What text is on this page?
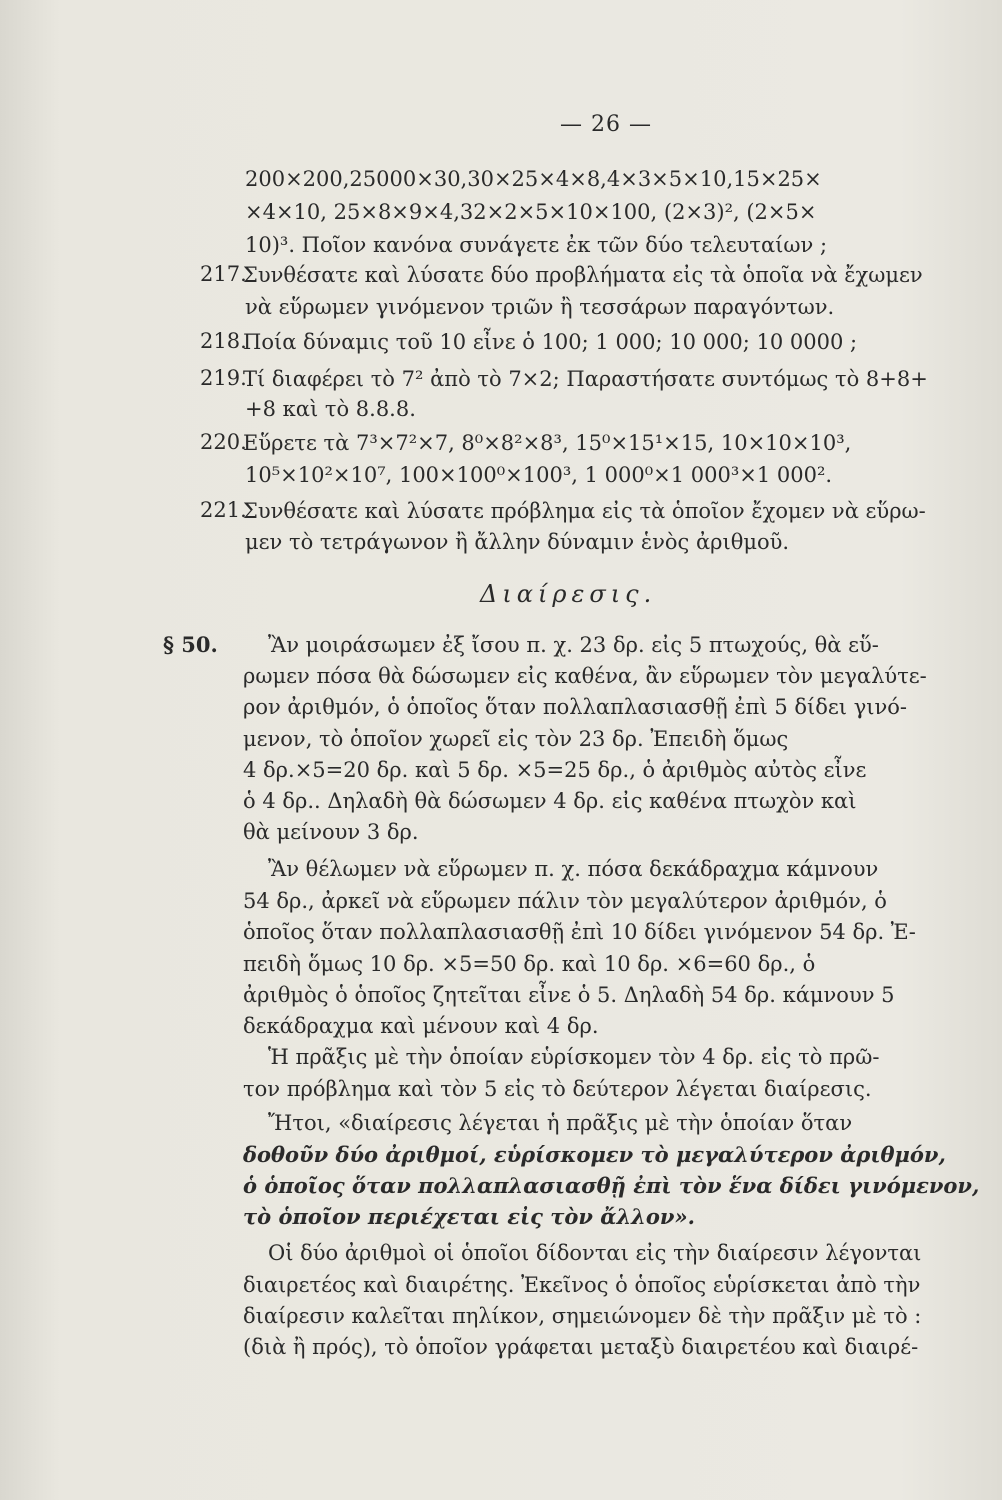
— 26 —
200×200,25000×30,30×25×4×8,4×3×5×10,15×25×
×4×10, 25×8×9×4,32×2×5×10×100, (2×3)², (2×5×
10)³. Ποῖον κανόνα συνάγετε ἐκ τῶν δύο τελευταίων ;
217.
Συνθέσατε καὶ λύσατε δύο προβλήματα εἰς τὰ ὁποῖα νὰ ἔχωμεν
νὰ εὕρωμεν γινόμενον τριῶν ἢ τεσσάρων παραγόντων.
218.
Ποία δύναμις τοῦ 10 εἶνε ὁ 100; 1 000; 10 000; 10 0000 ;
219.
Τί διαφέρει τὸ 7² ἀπὸ τὸ 7×2; Παραστήσατε συντόμως τὸ 8+8+
+8 καὶ τὸ 8.8.8.
220.
Εὕρετε τὰ 7³×7²×7, 8⁰×8²×8³, 15⁰×15¹×15, 10×10×10³,
10⁵×10²×10⁷, 100×100⁰×100³, 1 000⁰×1 000³×1 000².
221.
Συνθέσατε καὶ λύσατε πρόβλημα εἰς τὰ ὁποῖον ἔχομεν νὰ εὕρω-
μεν τὸ τετράγωνον ἢ ἄλλην δύναμιν ἑνὸς ἀριθμοῦ.
Διαίρεσις.
§ 50. Ἂν μοιράσωμεν ἐξ ἴσου π. χ. 23 δρ. εἰς 5 πτωχούς, θὰ εὕ-
ρωμεν πόσα θὰ δώσωμεν εἰς καθένα, ἂν εὕρωμεν τὸν μεγαλύτε-
ρον ἀριθμόν, ὁ ὁποῖος ὅταν πολλαπλασιασθῇ ἐπὶ 5 δίδει γινό-
μενον, τὸ ὁποῖον χωρεῖ εἰς τὸν 23 δρ. Ἐπειδὴ ὅμως
4 δρ.×5=20 δρ. καὶ 5 δρ. ×5=25 δρ., ὁ ἀριθμὸς αὐτὸς εἶνε
ὁ 4 δρ.. Δηλαδὴ θὰ δώσωμεν 4 δρ. εἰς καθένα πτωχὸν καὶ
θὰ μείνουν 3 δρ.
Ἂν θέλωμεν νὰ εὕρωμεν π. χ. πόσα δεκάδραχμα κάμνουν
54 δρ., ἀρκεῖ νὰ εὕρωμεν πάλιν τὸν μεγαλύτερον ἀριθμόν, ὁ
ὁποῖος ὅταν πολλαπλασιασθῇ ἐπὶ 10 δίδει γινόμενον 54 δρ. Ἐ-
πειδὴ ὅμως 10 δρ. ×5=50 δρ. καὶ 10 δρ. ×6=60 δρ., ὁ
ἀριθμὸς ὁ ὁποῖος ζητεῖται εἶνε ὁ 5. Δηλαδὴ 54 δρ. κάμνουν 5
δεκάδραχμα καὶ μένουν καὶ 4 δρ.
Ἡ πρᾶξις μὲ τὴν ὁποίαν εὑρίσκομεν τὸν 4 δρ. εἰς τὸ πρῶ-
τον πρόβλημα καὶ τὸν 5 εἰς τὸ δεύτερον λέγεται διαίρεσις.
Ἤτοι, «διαίρεσις λέγεται ἡ πρᾶξις μὲ τὴν ὁποίαν ὅταν
δοθοῦν δύο ἀριθμοί, εὑρίσκομεν τὸ μεγαλύτερον ἀριθμόν,
ὁ ὁποῖος ὅταν πολλαπλασιασθῇ ἐπὶ τὸν ἕνα δίδει γινόμενον,
τὸ ὁποῖον περιέχεται εἰς τὸν ἄλλον».
Οἱ δύο ἀριθμοὶ οἱ ὁποῖοι δίδονται εἰς τὴν διαίρεσιν λέγονται
διαιρετέος καὶ διαιρέτης. Ἐκεῖνος ὁ ὁποῖος εὑρίσκεται ἀπὸ τὴν
διαίρεσιν καλεῖται πηλίκον, σημειώνομεν δὲ τὴν πρᾶξιν μὲ τὸ :
(διὰ ἢ πρός), τὸ ὁποῖον γράφεται μεταξὺ διαιρετέου καὶ διαιρέ-
